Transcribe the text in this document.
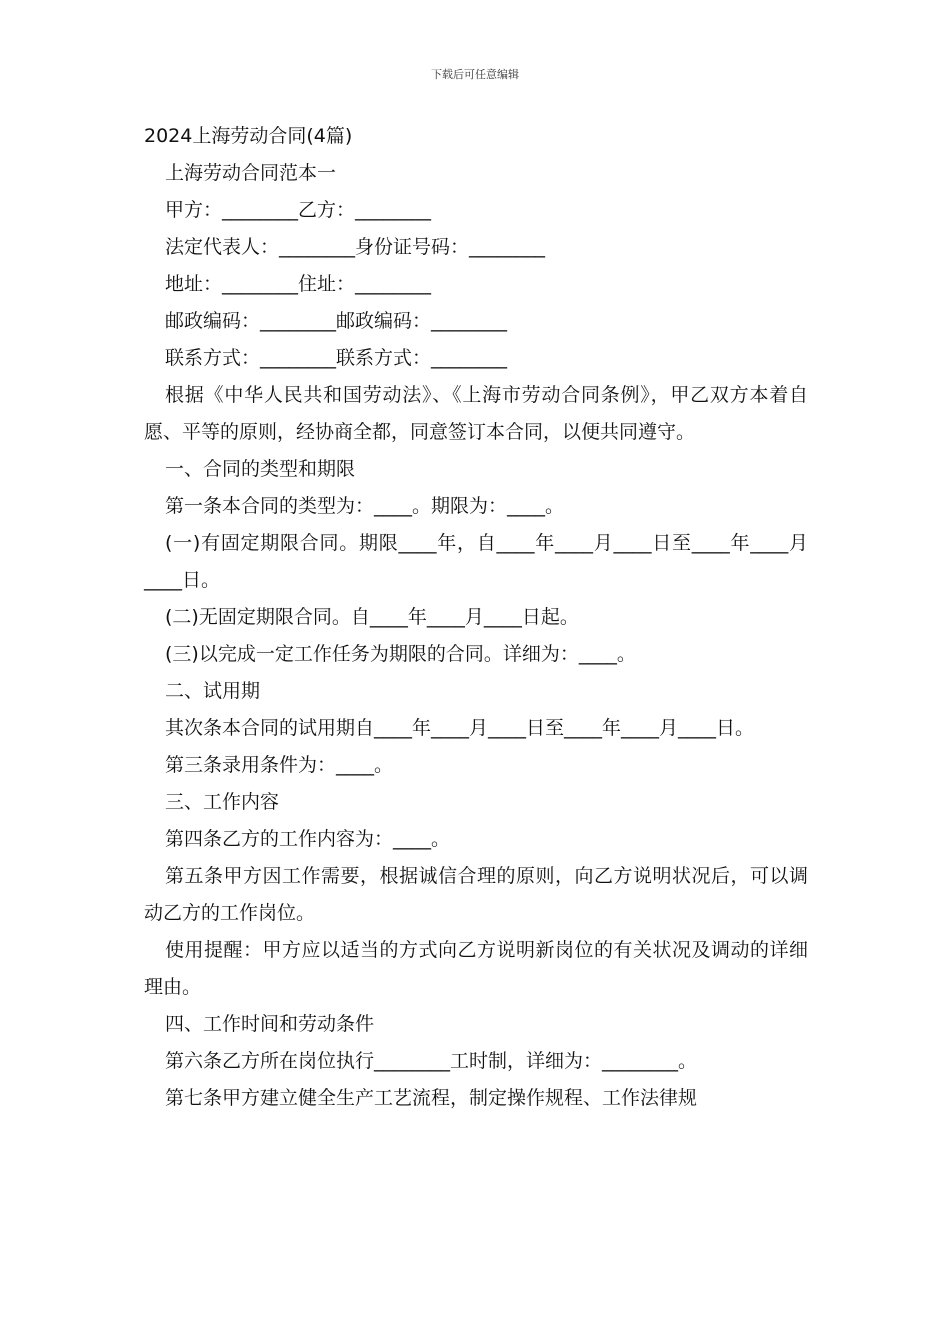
下载后可任意编辑
2024上海劳动合同(4篇)

上海劳动合同范本一

甲方：________乙方：________

法定代表人：________身份证号码：________

地址：________住址：________

邮政编码：________邮政编码：________

联系方式：________联系方式：________

根据《中华人民共和国劳动法》、《上海市劳动合同条例》，甲乙双方本着自愿、平等的原则，经协商全都，同意签订本合同，以便共同遵守。

一、合同的类型和期限

第一条本合同的类型为：____。期限为：____。

(一)有固定期限合同。期限____年，自____年____月____日至____年____月____日。

(二)无固定期限合同。自____年____月____日起。

(三)以完成一定工作任务为期限的合同。详细为：____。

二、试用期

其次条本合同的试用期自____年____月____日至____年____月____日。

第三条录用条件为：____。

三、工作内容

第四条乙方的工作内容为：____。

第五条甲方因工作需要，根据诚信合理的原则，向乙方说明状况后，可以调动乙方的工作岗位。

使用提醒：甲方应以适当的方式向乙方说明新岗位的有关状况及调动的详细理由。

四、工作时间和劳动条件

第六条乙方所在岗位执行________工时制，详细为：________。

第七条甲方建立健全生产工艺流程，制定操作规程、工作法律规
